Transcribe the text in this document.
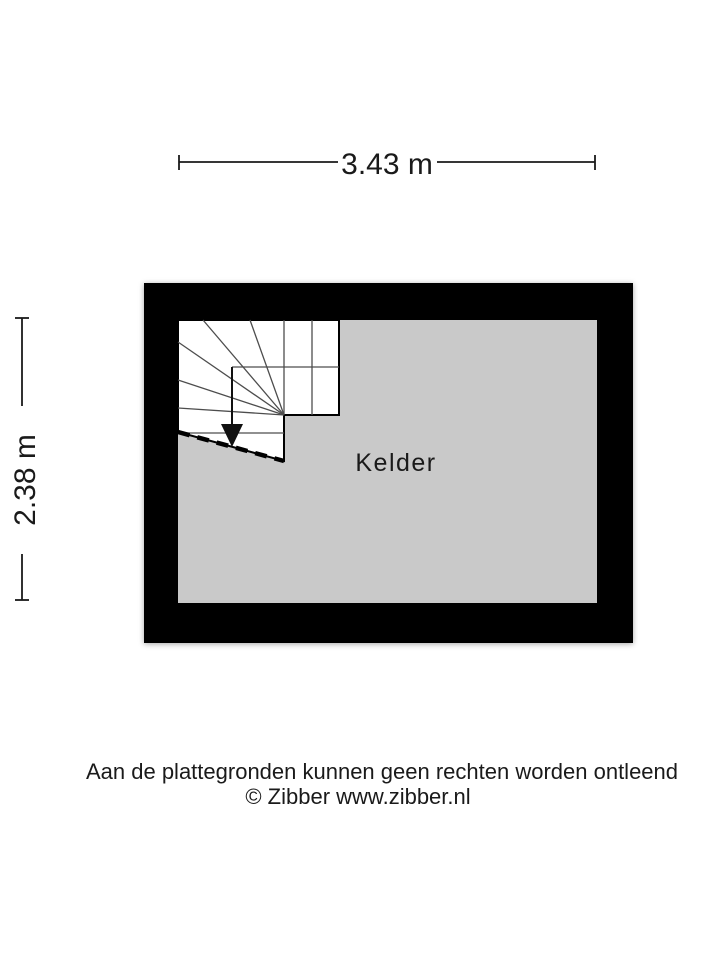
3.43 m
2.38 m	Kelder
Aan de plattegronden kunnen geen rechten worden ontleend
© Zibber www.zibber.nl
